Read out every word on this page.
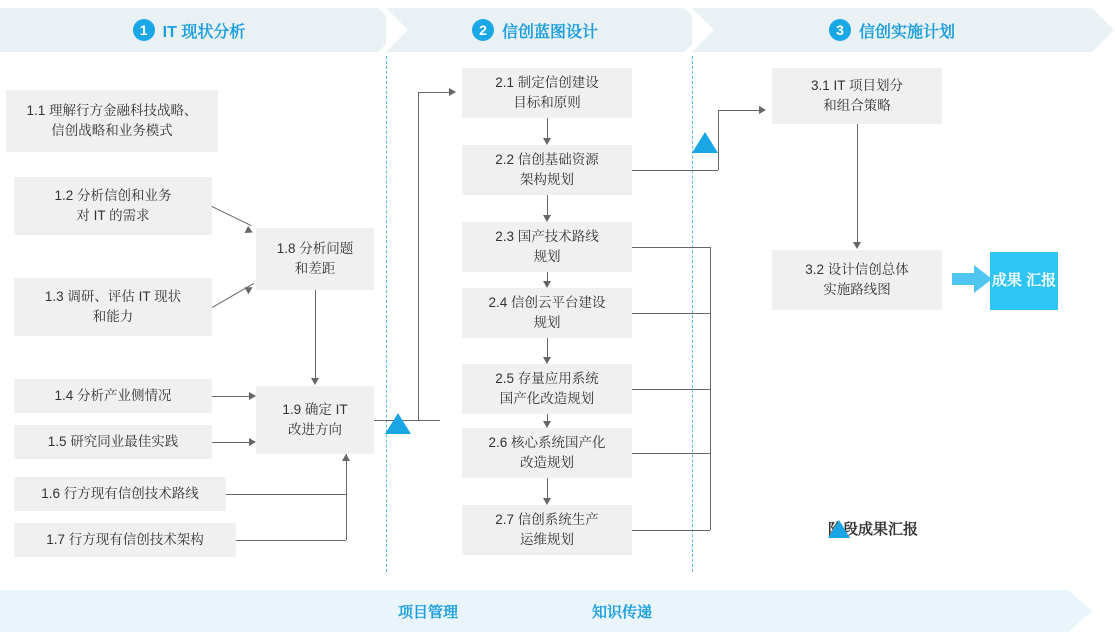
1 IT 现状分析	2 信创蓝图设计	3 信创实施计划
1.1 理解行方金融科技战略、
信创战略和业务模式
1.2 分析信创和业务
对 IT 的需求
1.3 调研、评估 IT 现状
和能力
1.4 分析产业侧情况
1.5 研究同业最佳实践
1.6 行方现有信创技术路线
1.7 行方现有信创技术架构
1.8 分析问题
和差距
1.9 确定 IT
改进方向
2.1 制定信创建设
目标和原则
2.2 信创基础资源
架构规划
2.3 国产技术路线
规划
2.4 信创云平台建设
规划
2.5 存量应用系统
国产化改造规划
2.6 核心系统国产化
改造规划
2.7 信创系统生产
运维规划
3.1 IT 项目划分
和组合策略
3.2 设计信创总体
实施路线图
成果 汇报
阶段成果汇报
项目管理	知识传递
